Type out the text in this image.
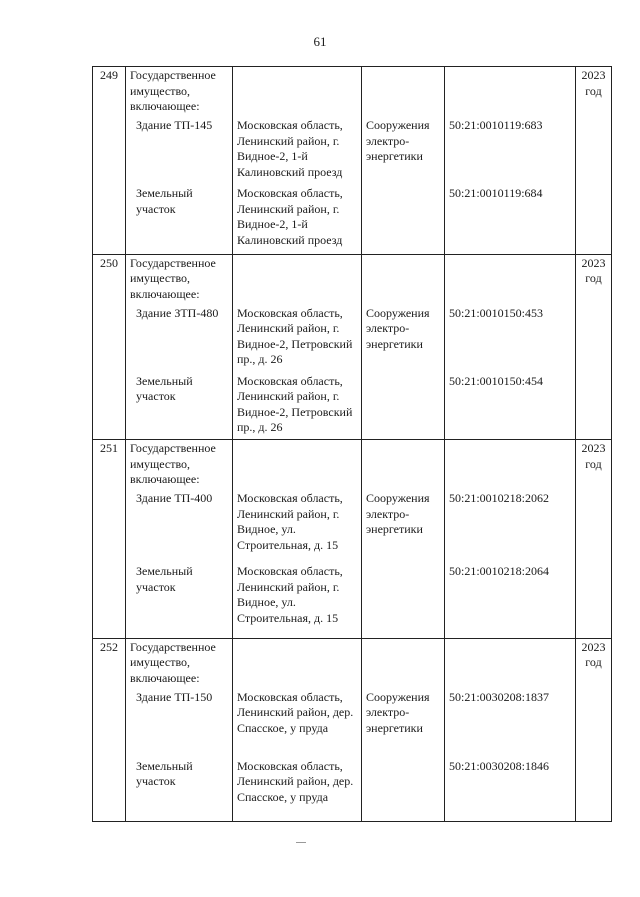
61
249	Государственное имущество, включающее:				2023 год

	Здание ТП-145	Московская область, Ленинский район, г. Видное-2, 1-й Калиновский проезд	Сооружения электро-энергетики	50:21:0010119:683	

	Земельный участок	Московская область, Ленинский район, г. Видное-2, 1-й Калиновский проезд		50:21:0010119:684	
250	Государственное имущество, включающее:				2023 год

	Здание ЗТП-480	Московская область, Ленинский район, г. Видное-2, Петровский пр., д. 26	Сооружения электро-энергетики	50:21:0010150:453	

	Земельный участок	Московская область, Ленинский район, г. Видное-2, Петровский пр., д. 26		50:21:0010150:454	
251	Государственное имущество, включающее:				2023 год

	Здание ТП-400	Московская область, Ленинский район, г. Видное, ул. Строительная, д. 15	Сооружения электро-энергетики	50:21:0010218:2062	

	Земельный участок	Московская область, Ленинский район, г. Видное, ул. Строительная, д. 15		50:21:0010218:2064	
252	Государственное имущество, включающее:				2023 год

	Здание ТП-150	Московская область, Ленинский район, дер. Спасское, у пруда	Сооружения электро-энергетики	50:21:0030208:1837	

	Земельный участок	Московская область, Ленинский район, дер. Спасское, у пруда		50:21:0030208:1846	
